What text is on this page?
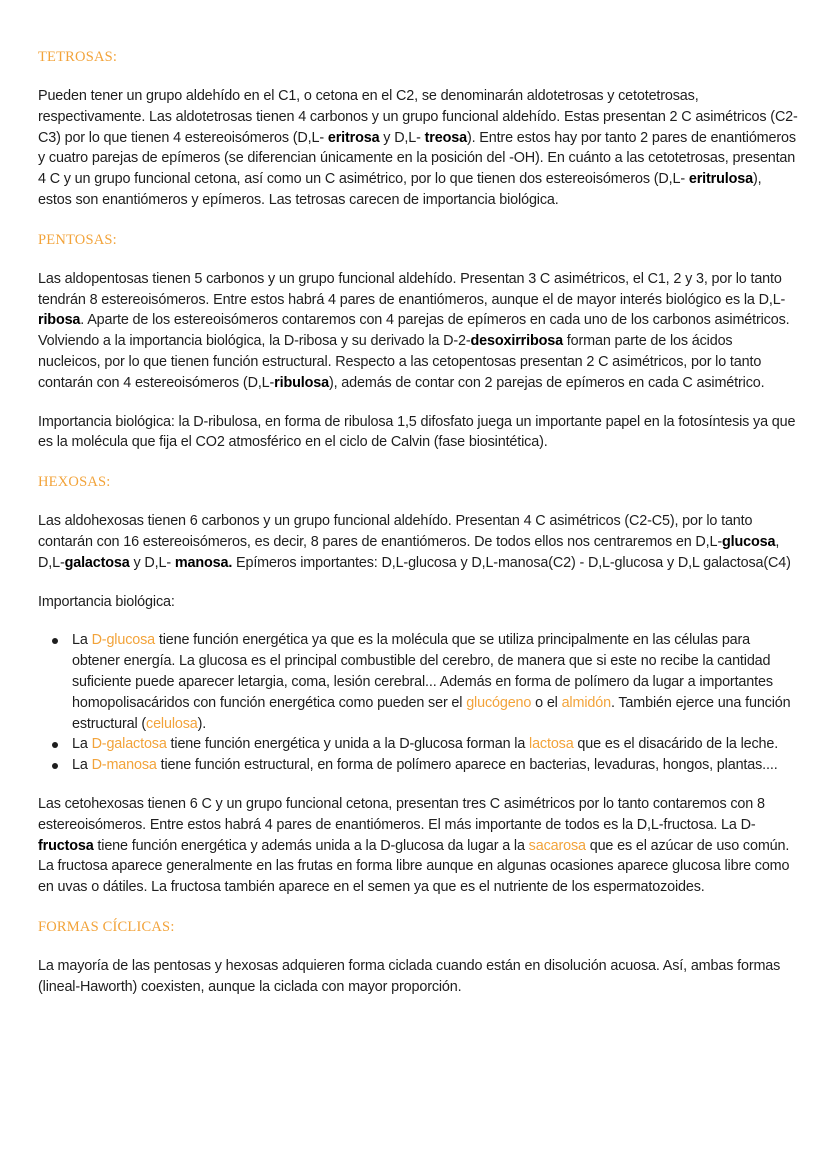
TETROSAS:

Pueden tener un grupo aldehído en el C1, o cetona en el C2, se denominarán aldotetrosas y cetotetrosas, respectivamente. Las aldotetrosas tienen 4 carbonos y un grupo funcional aldehído. Estas presentan 2 C asimétricos (C2-C3) por lo que tienen 4 estereoisómeros (D,L- eritrosa y D,L- treosa). Entre estos hay por tanto 2 pares de enantiómeros y cuatro parejas de epímeros (se diferencian únicamente en la posición del -OH). En cuánto a las cetotetrosas, presentan 4 C y un grupo funcional cetona, así como un C asimétrico, por lo que tienen dos estereoisómeros (D,L- eritrulosa), estos son enantiómeros y epímeros. Las tetrosas carecen de importancia biológica.

PENTOSAS:

Las aldopentosas tienen 5 carbonos y un grupo funcional aldehído. Presentan 3 C asimétricos, el C1, 2 y 3, por lo tanto tendrán 8 estereoisómeros. Entre estos habrá 4 pares de enantiómeros, aunque el de mayor interés biológico es la D,L-ribosa. Aparte de los estereoisómeros contaremos con 4 parejas de epímeros en cada uno de los carbonos asimétricos. Volviendo a la importancia biológica, la D-ribosa y su derivado la D-2-desoxirribosa forman parte de los ácidos nucleicos, por lo que tienen función estructural. Respecto a las cetopentosas presentan 2 C asimétricos, por lo tanto contarán con 4 estereoisómeros (D,L-ribulosa), además de contar con 2 parejas de epímeros en cada C asimétrico.

Importancia biológica: la D-ribulosa, en forma de ribulosa 1,5 difosfato juega un importante papel en la fotosíntesis ya que es la molécula que fija el CO2 atmosférico en el ciclo de Calvin (fase biosintética).

HEXOSAS:

Las aldohexosas tienen 6 carbonos y un grupo funcional aldehído. Presentan 4 C asimétricos (C2-C5), por lo tanto contarán con 16 estereoisómeros, es decir, 8 pares de enantiómeros. De todos ellos nos centraremos en D,L-glucosa, D,L-galactosa y D,L- manosa. Epímeros importantes: D,L-glucosa y D,L-manosa(C2) - D,L-glucosa y D,L galactosa(C4)

Importancia biológica:

La D-glucosa tiene función energética ya que es la molécula que se utiliza principalmente en las células para obtener energía. La glucosa es el principal combustible del cerebro, de manera que si este no recibe la cantidad suficiente puede aparecer letargia, coma, lesión cerebral... Además en forma de polímero da lugar a importantes homopolisacáridos con función energética como pueden ser el glucógeno o el almidón. También ejerce una función estructural (celulosa).
La D-galactosa tiene función energética y unida a la D-glucosa forman la lactosa que es el disacárido de la leche.
La D-manosa tiene función estructural, en forma de polímero aparece en bacterias, levaduras, hongos, plantas....

Las cetohexosas tienen 6 C y un grupo funcional cetona, presentan tres C asimétricos por lo tanto contaremos con 8 estereoisómeros. Entre estos habrá 4 pares de enantiómeros. El más importante de todos es la D,L-fructosa. La D-fructosa tiene función energética y además unida a la D-glucosa da lugar a la sacarosa que es el azúcar de uso común. La fructosa aparece generalmente en las frutas en forma libre aunque en algunas ocasiones aparece glucosa libre como en uvas o dátiles. La fructosa también aparece en el semen ya que es el nutriente de los espermatozoides.

FORMAS CÍCLICAS:

La mayoría de las pentosas y hexosas adquieren forma ciclada cuando están en disolución acuosa. Así, ambas formas (lineal-Haworth) coexisten, aunque la ciclada con mayor proporción.
